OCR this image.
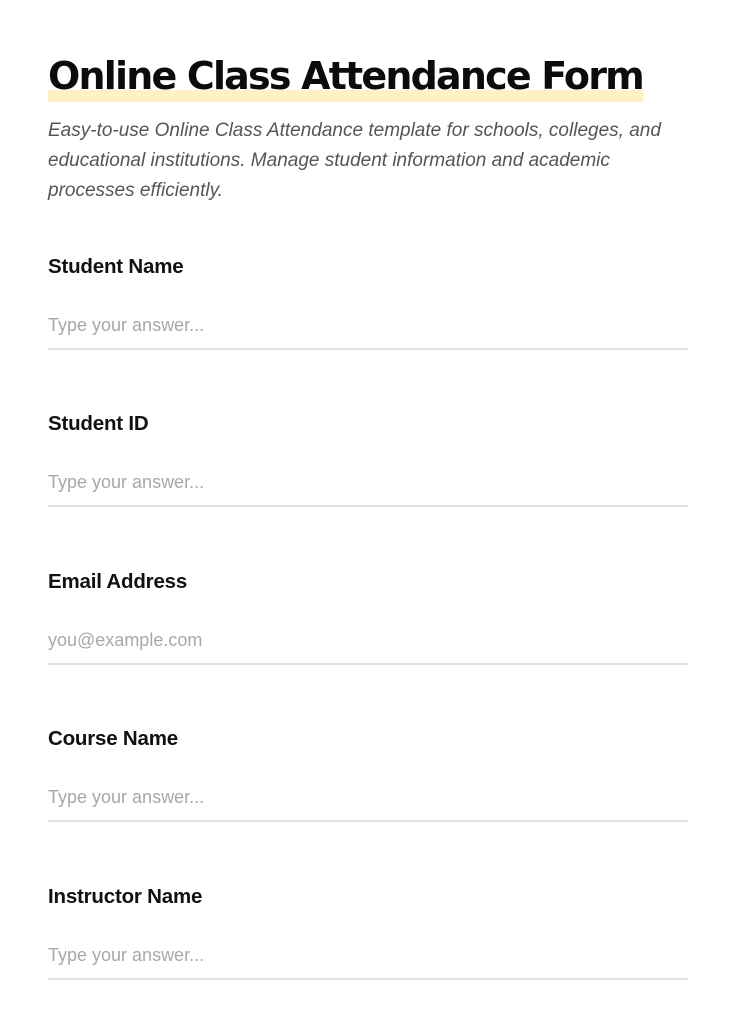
Online Class Attendance Form

Easy-to-use Online Class Attendance template for schools, colleges, and educational institutions. Manage student information and academic processes efficiently.

Student Name
Type your answer...
Student ID
Type your answer...
Email Address
you@example.com
Course Name
Type your answer...
Instructor Name
Type your answer...
